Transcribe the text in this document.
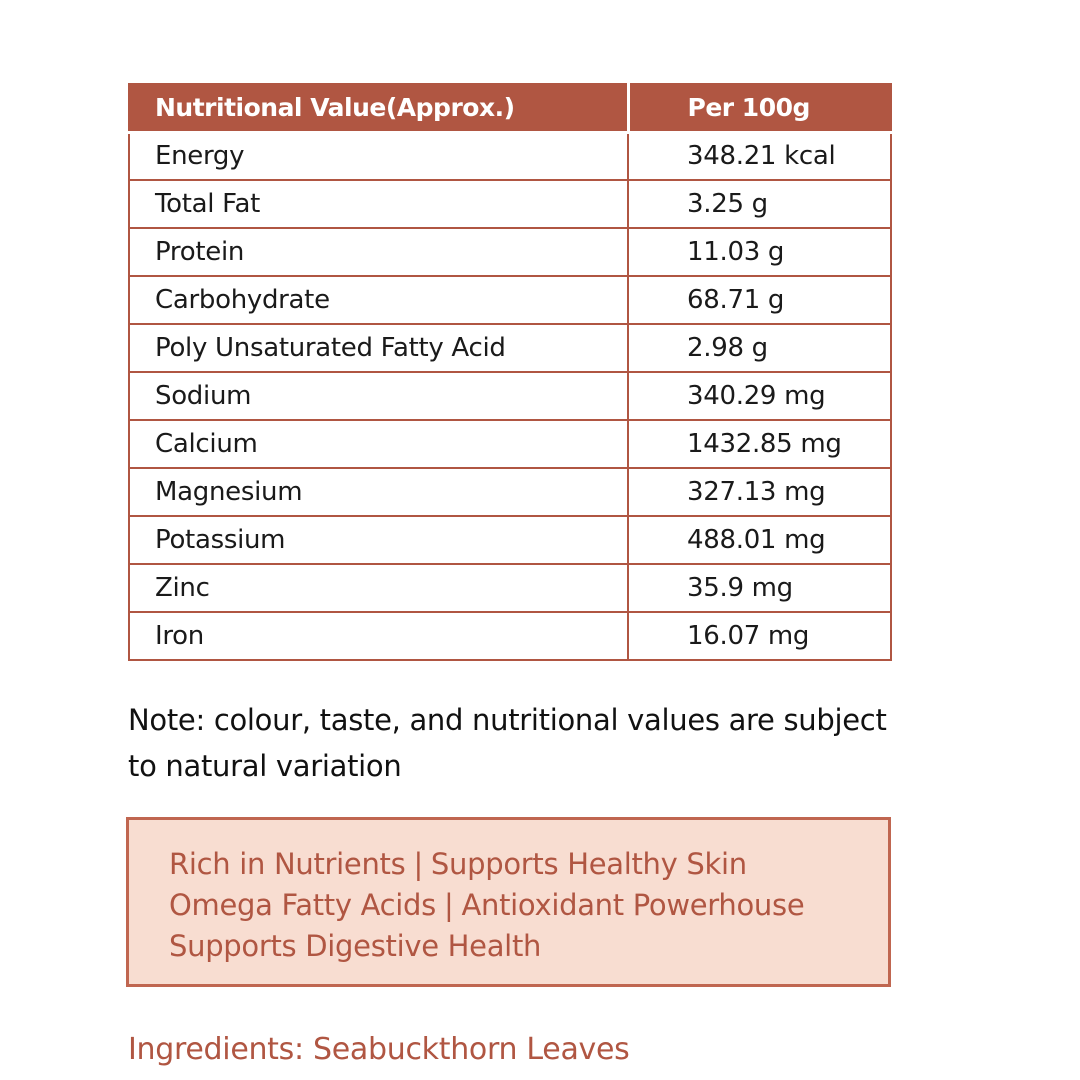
Nutritional Value(Approx.)	Per 100g
Energy	348.21 kcal
Total Fat	3.25 g
Protein	11.03 g
Carbohydrate	68.71 g
Poly Unsaturated Fatty Acid	2.98 g
Sodium	340.29 mg
Calcium	1432.85 mg
Magnesium	327.13 mg
Potassium	488.01 mg
Zinc	35.9 mg
Iron	16.07 mg
Note: colour, taste, and nutritional values are subject to natural variation
Rich in Nutrients | Supports Healthy Skin
Omega Fatty Acids | Antioxidant Powerhouse
Supports Digestive Health
Ingredients: Seabuckthorn Leaves
